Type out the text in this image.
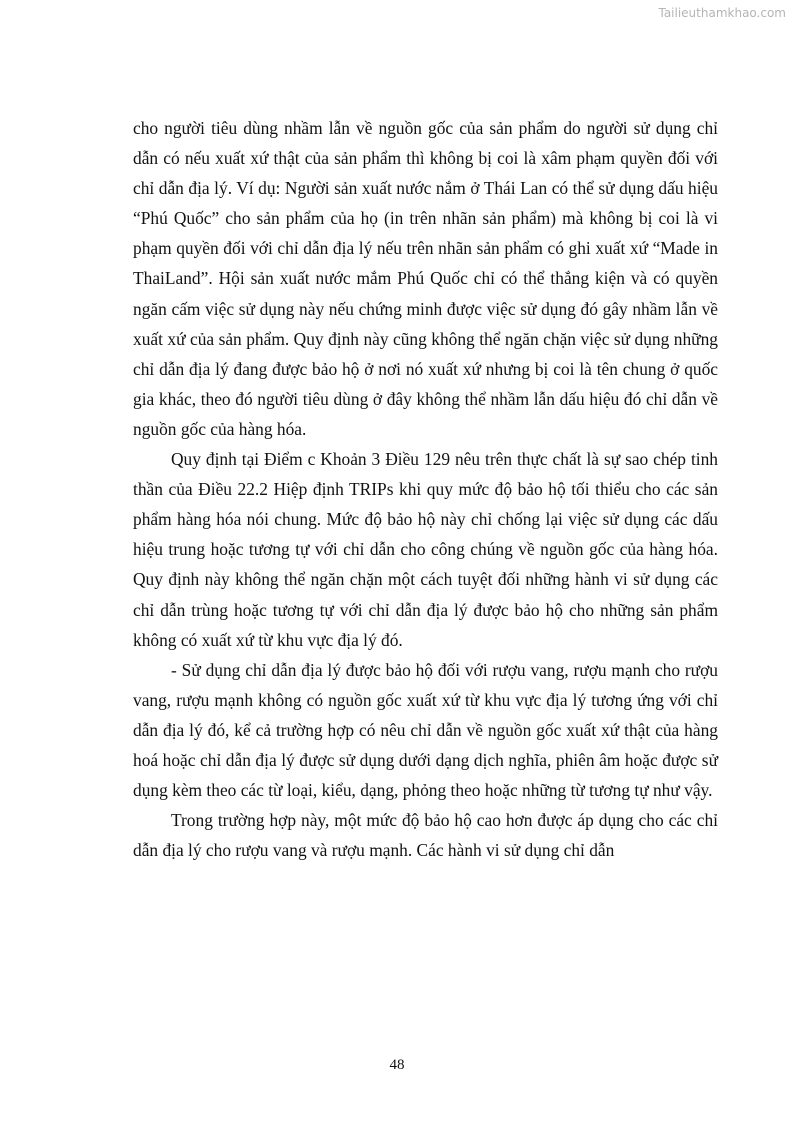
Tailieuthamkhao.com

cho người tiêu dùng nhầm lẫn về nguồn gốc của sản phẩm do người sử dụng chỉ dẫn có nếu xuất xứ thật của sản phẩm thì không bị coi là xâm phạm quyền đối với chỉ dẫn địa lý. Ví dụ: Người sản xuất nước nắm ở Thái Lan có thể sử dụng dấu hiệu “Phú Quốc” cho sản phẩm của họ (in trên nhãn sản phẩm) mà không bị coi là vi phạm quyền đối với chỉ dẫn địa lý nếu trên nhãn sản phẩm có ghi xuất xứ “Made in ThaiLand”. Hội sản xuất nước mắm Phú Quốc chỉ có thể thắng kiện và có quyền ngăn cấm việc sử dụng này nếu chứng minh được việc sử dụng đó gây nhầm lẫn về xuất xứ của sản phẩm. Quy định này cũng không thể ngăn chặn việc sử dụng những chỉ dẫn địa lý đang được bảo hộ ở nơi nó xuất xứ nhưng bị coi là tên chung ở quốc gia khác, theo đó người tiêu dùng ở đây không thể nhầm lẫn dấu hiệu đó chỉ dẫn về nguồn gốc của hàng hóa.

Quy định tại Điểm c Khoản 3 Điều 129 nêu trên thực chất là sự sao chép tinh thần của Điều 22.2 Hiệp định TRIPs khi quy mức độ bảo hộ tối thiểu cho các sản phẩm hàng hóa nói chung. Mức độ bảo hộ này chỉ chống lại việc sử dụng các dấu hiệu trung hoặc tương tự với chỉ dẫn cho công chúng về nguồn gốc của hàng hóa. Quy định này không thể ngăn chặn một cách tuyệt đối những hành vi sử dụng các chỉ dẫn trùng hoặc tương tự với chỉ dẫn địa lý được bảo hộ cho những sản phẩm không có xuất xứ từ khu vực địa lý đó.

- Sử dụng chỉ dẫn địa lý được bảo hộ đối với rượu vang, rượu mạnh cho rượu vang, rượu mạnh không có nguồn gốc xuất xứ từ khu vực địa lý tương ứng với chỉ dẫn địa lý đó, kể cả trường hợp có nêu chỉ dẫn về nguồn gốc xuất xứ thật của hàng hoá hoặc chỉ dẫn địa lý được sử dụng dưới dạng dịch nghĩa, phiên âm hoặc được sử dụng kèm theo các từ loại, kiểu, dạng, phỏng theo hoặc những từ tương tự như vậy.

Trong trường hợp này, một mức độ bảo hộ cao hơn được áp dụng cho các chỉ dẫn địa lý cho rượu vang và rượu mạnh. Các hành vi sử dụng chỉ dẫn

48
